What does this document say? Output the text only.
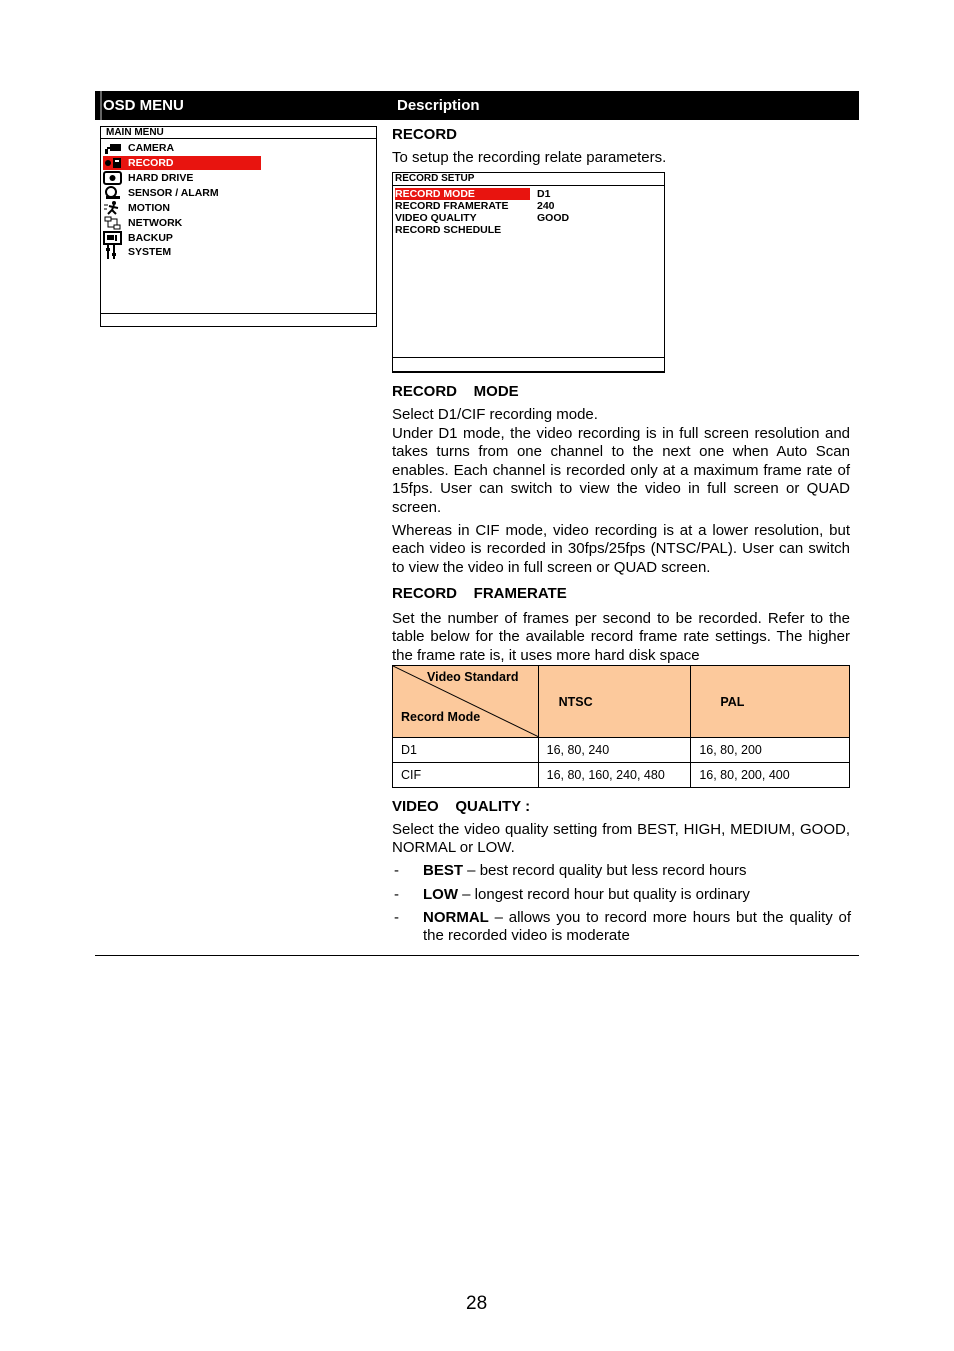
OSD MENU	Description
MAIN MENU
CAMERA
RECORD
HARD DRIVE
SENSOR / ALARM
MOTION
NETWORK
BACKUP
SYSTEM
RECORD
To setup the recording relate parameters.
RECORD SETUP
RECORD MODE	D1
RECORD FRAMERATE	240
VIDEO QUALITY	GOOD
RECORD SCHEDULE
RECORD    MODE
Select D1/CIF recording mode.
Under D1 mode, the video recording is in full screen resolution and takes turns from one channel to the next one when Auto Scan enables. Each channel is recorded only at a maximum frame rate of 15fps. User can switch to view the video in full screen or QUAD screen.
Whereas in CIF mode, video recording is at a lower resolution, but each video is recorded in 30fps/25fps (NTSC/PAL). User can switch to view the video in full screen or QUAD screen.
RECORD    FRAMERATE
Set the number of frames per second to be recorded. Refer to the table below for the available record frame rate settings. The higher the frame rate is, it uses more hard disk space
Video Standard
Record Mode	NTSC	PAL
D1	16, 80, 240	16, 80, 200
CIF	16, 80, 160, 240, 480	16, 80, 200, 400
VIDEO    QUALITY :
Select the video quality setting from BEST, HIGH, MEDIUM, GOOD, NORMAL or LOW.
- BEST – best record quality but less record hours
- LOW – longest record hour but quality is ordinary
- NORMAL – allows you to record more hours but the quality of the recorded video is moderate
28
